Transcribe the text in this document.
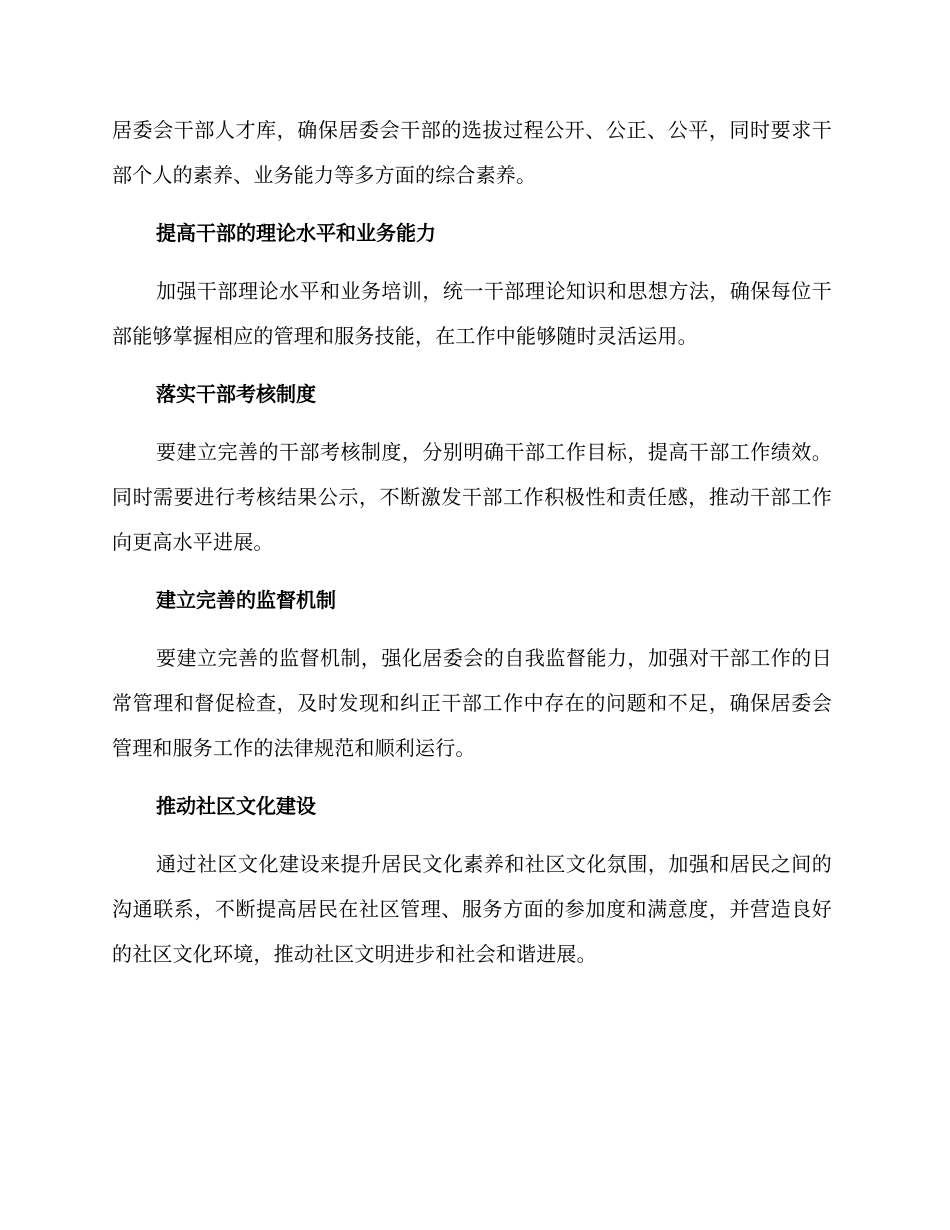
居委会干部人才库，确保居委会干部的选拔过程公开、公正、公平，同时要求干部个人的素养、业务能力等多方面的综合素养。

提高干部的理论水平和业务能力

加强干部理论水平和业务培训，统一干部理论知识和思想方法，确保每位干部能够掌握相应的管理和服务技能，在工作中能够随时灵活运用。

落实干部考核制度

要建立完善的干部考核制度，分别明确干部工作目标，提高干部工作绩效。同时需要进行考核结果公示，不断激发干部工作积极性和责任感，推动干部工作向更高水平进展。

建立完善的监督机制

要建立完善的监督机制，强化居委会的自我监督能力，加强对干部工作的日常管理和督促检查，及时发现和纠正干部工作中存在的问题和不足，确保居委会管理和服务工作的法律规范和顺利运行。

推动社区文化建设

通过社区文化建设来提升居民文化素养和社区文化氛围，加强和居民之间的沟通联系，不断提高居民在社区管理、服务方面的参加度和满意度，并营造良好的社区文化环境，推动社区文明进步和社会和谐进展。
